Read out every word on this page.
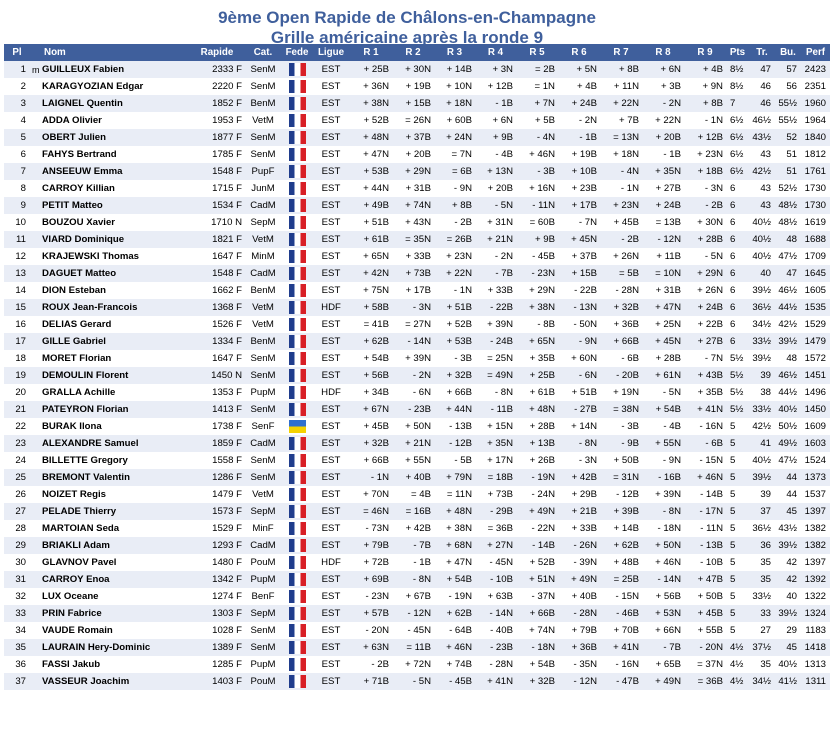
9ème Open Rapide de Châlons-en-Champagne
Grille américaine après la ronde 9
Pl		Nom	Rapide	Cat.	Fede	Ligue	R 1	R 2	R 3	R 4	R 5	R 6	R 7	R 8	R 9	Pts	Tr.	Bu.	Perf
1	m	GUILLEUX Fabien	2333 F	SenM		EST	+ 25B	+ 30N	+ 14B	+ 3N	= 2B	+ 5N	+ 8B	+ 6N	+ 4B	8½	47	57	2423
2		KARAGYOZIAN Edgar	2220 F	SenM		EST	+ 36N	+ 19B	+ 10N	+ 12B	= 1N	+ 4B	+ 11N	+ 3B	+ 9N	8½	46	56	2351
3		LAIGNEL Quentin	1852 F	BenM		EST	+ 38N	+ 15B	+ 18N	- 1B	+ 7N	+ 24B	+ 22N	- 2N	+ 8B	7	46	55½	1960
4		ADDA Olivier	1953 F	VetM		EST	+ 52B	= 26N	+ 60B	+ 6N	+ 5B	- 2N	+ 7B	+ 22N	- 1N	6½	46½	55½	1964
5		OBERT Julien	1877 F	SenM		EST	+ 48N	+ 37B	+ 24N	+ 9B	- 4N	- 1B	= 13N	+ 20B	+ 12B	6½	43½	52	1840
6		FAHYS Bertrand	1785 F	SenM		EST	+ 47N	+ 20B	= 7N	- 4B	+ 46N	+ 19B	+ 18N	- 1B	+ 23N	6½	43	51	1812
7		ANSEEUW Emma	1548 F	PupF		EST	+ 53B	+ 29N	= 6B	+ 13N	- 3B	+ 10B	- 4N	+ 35N	+ 18B	6½	42½	51	1761
8		CARROY Killian	1715 F	JunM		EST	+ 44N	+ 31B	- 9N	+ 20B	+ 16N	+ 23B	- 1N	+ 27B	- 3N	6	43	52½	1730
9		PETIT Matteo	1534 F	CadM		EST	+ 49B	+ 74N	+ 8B	- 5N	- 11N	+ 17B	+ 23N	+ 24B	- 2B	6	43	48½	1730
10		BOUZOU Xavier	1710 N	SepM		EST	+ 51B	+ 43N	- 2B	+ 31N	= 60B	- 7N	+ 45B	= 13B	+ 30N	6	40½	48½	1619
11		VIARD Dominique	1821 F	VetM		EST	+ 61B	= 35N	= 26B	+ 21N	+ 9B	+ 45N	- 2B	- 12N	+ 28B	6	40½	48	1688
12		KRAJEWSKI Thomas	1647 F	MinM		EST	+ 65N	+ 33B	+ 23N	- 2N	- 45B	+ 37B	+ 26N	+ 11B	- 5N	6	40½	47½	1709
13		DAGUET Matteo	1548 F	CadM		EST	+ 42N	+ 73B	+ 22N	- 7B	- 23N	+ 15B	= 5B	= 10N	+ 29N	6	40	47	1645
14		DION Esteban	1662 F	BenM		EST	+ 75N	+ 17B	- 1N	+ 33B	+ 29N	- 22B	- 28N	+ 31B	+ 26N	6	39½	46½	1605
15		ROUX Jean-Francois	1368 F	VetM		HDF	+ 58B	- 3N	+ 51B	- 22B	+ 38N	- 13N	+ 32B	+ 47N	+ 24B	6	36½	44½	1535
16		DELIAS Gerard	1526 F	VetM		EST	= 41B	= 27N	+ 52B	+ 39N	- 8B	- 50N	+ 36B	+ 25N	+ 22B	6	34½	42½	1529
17		GILLE Gabriel	1334 F	BenM		EST	+ 62B	- 14N	+ 53B	- 24B	+ 65N	- 9N	+ 66B	+ 45N	+ 27B	6	33½	39½	1479
18		MORET Florian	1647 F	SenM		EST	+ 54B	+ 39N	- 3B	= 25N	+ 35B	+ 60N	- 6B	+ 28B	- 7N	5½	39½	48	1572
19		DEMOULIN Florent	1450 N	SenM		EST	+ 56B	- 2N	+ 32B	= 49N	+ 25B	- 6N	- 20B	+ 61N	+ 43B	5½	39	46½	1451
20		GRALLA Achille	1353 F	PupM		HDF	+ 34B	- 6N	+ 66B	- 8N	+ 61B	+ 51B	+ 19N	- 5N	+ 35B	5½	38	44½	1496
21		PATEYRON Florian	1413 F	SenM		EST	+ 67N	- 23B	+ 44N	- 11B	+ 48N	- 27B	= 38N	+ 54B	+ 41N	5½	33½	40½	1450
22		BURAK Ilona	1738 F	SenF		EST	+ 45B	+ 50N	- 13B	+ 15N	+ 28B	+ 14N	- 3B	- 4B	- 16N	5	42½	50½	1609
23		ALEXANDRE Samuel	1859 F	CadM		EST	+ 32B	+ 21N	- 12B	+ 35N	+ 13B	- 8N	- 9B	+ 55N	- 6B	5	41	49½	1603
24		BILLETTE Gregory	1558 F	SenM		EST	+ 66B	+ 55N	- 5B	+ 17N	+ 26B	- 3N	+ 50B	- 9N	- 15N	5	40½	47½	1524
25		BREMONT Valentin	1286 F	SenM		EST	- 1N	+ 40B	+ 79N	= 18B	- 19N	+ 42B	= 31N	- 16B	+ 46N	5	39½	44	1373
26		NOIZET Regis	1479 F	VetM		EST	+ 70N	= 4B	= 11N	+ 73B	- 24N	+ 29B	- 12B	+ 39N	- 14B	5	39	44	1537
27		PELADE Thierry	1573 F	SepM		EST	= 46N	= 16B	+ 48N	- 29B	+ 49N	+ 21B	+ 39B	- 8N	- 17N	5	37	45	1397
28		MARTOIAN Seda	1529 F	MinF		EST	- 73N	+ 42B	+ 38N	= 36B	- 22N	+ 33B	+ 14B	- 18N	- 11N	5	36½	43½	1382
29		BRIAKLI Adam	1293 F	CadM		EST	+ 79B	- 7B	+ 68N	+ 27N	- 14B	- 26N	+ 62B	+ 50N	- 13B	5	36	39½	1382
30		GLAVNOV Pavel	1480 F	PouM		HDF	+ 72B	- 1B	+ 47N	- 45N	+ 52B	- 39N	+ 48B	+ 46N	- 10B	5	35	42	1397
31		CARROY Enoa	1342 F	PupM		EST	+ 69B	- 8N	+ 54B	- 10B	+ 51N	+ 49N	= 25B	- 14N	+ 47B	5	35	42	1392
32		LUX Oceane	1274 F	BenF		EST	- 23N	+ 67B	- 19N	+ 63B	- 37N	+ 40B	- 15N	+ 56B	+ 50B	5	33½	40	1322
33		PRIN Fabrice	1303 F	SepM		EST	+ 57B	- 12N	+ 62B	- 14N	+ 66B	- 28N	- 46B	+ 53N	+ 45B	5	33	39½	1324
34		VAUDE Romain	1028 F	SenM		EST	- 20N	- 45N	- 64B	- 40B	+ 74N	+ 79B	+ 70B	+ 66N	+ 55B	5	27	29	1183
35		LAURAIN Hery-Dominic	1389 F	SenM		EST	+ 63N	= 11B	+ 46N	- 23B	- 18N	+ 36B	+ 41N	- 7B	- 20N	4½	37½	45	1418
36		FASSI Jakub	1285 F	PupM		EST	- 2B	+ 72N	+ 74B	- 28N	+ 54B	- 35N	- 16N	+ 65B	= 37N	4½	35	40½	1313
37		VASSEUR Joachim	1403 F	PouM		EST	+ 71B	- 5N	- 45B	+ 41N	+ 32B	- 12N	- 47B	+ 49N	= 36B	4½	34½	41½	1311
